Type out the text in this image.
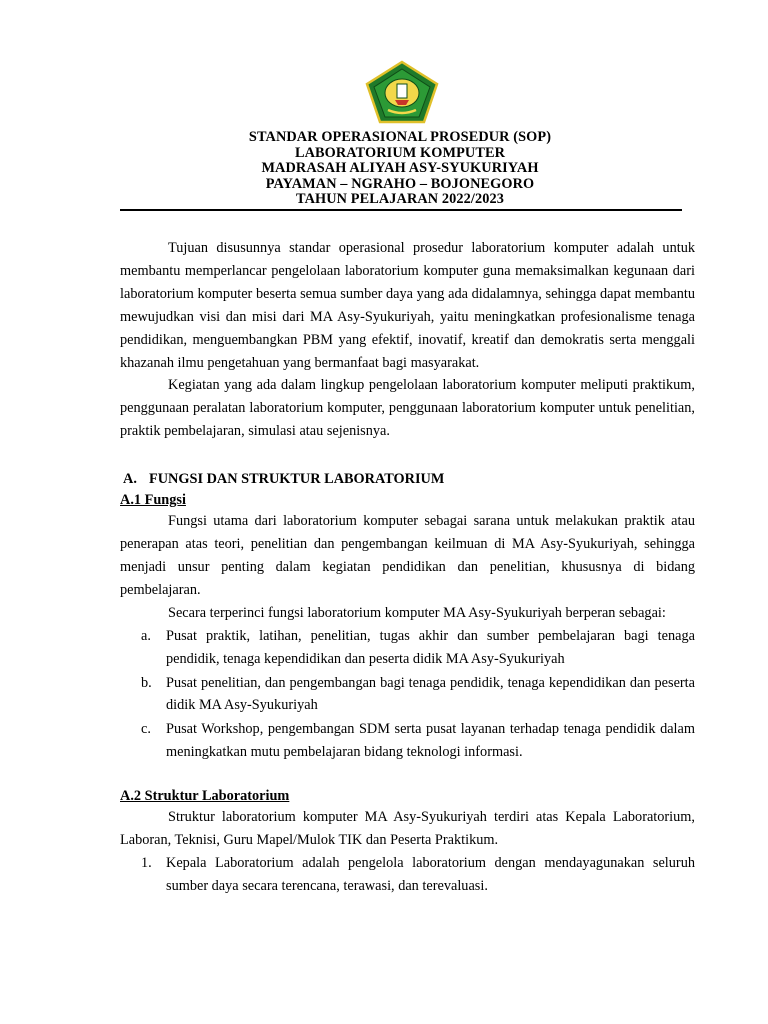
STANDAR OPERASIONAL PROSEDUR (SOP)
LABORATORIUM KOMPUTER
MADRASAH ALIYAH ASY-SYUKURIYAH
PAYAMAN – NGRAHO – BOJONEGORO
TAHUN PELAJARAN 2022/2023

Tujuan disusunnya standar operasional prosedur laboratorium komputer adalah untuk membantu memperlancar pengelolaan laboratorium komputer guna memaksimalkan kegunaan dari laboratorium komputer beserta semua sumber daya yang ada didalamnya, sehingga dapat membantu mewujudkan visi dan misi dari MA Asy-Syukuriyah, yaitu meningkatkan profesionalisme tenaga pendidikan, menguembangkan PBM yang efektif, inovatif, kreatif dan demokratis serta menggali khazanah ilmu pengetahuan yang bermanfaat bagi masyarakat.

Kegiatan yang ada dalam lingkup pengelolaan laboratorium komputer meliputi praktikum, penggunaan peralatan laboratorium komputer, penggunaan laboratorium komputer untuk penelitian, praktik pembelajaran, simulasi atau sejenisnya.

A. FUNGSI DAN STRUKTUR LABORATORIUM
A.1 Fungsi

Fungsi utama dari laboratorium komputer sebagai sarana untuk melakukan praktik atau penerapan atas teori, penelitian dan pengembangan keilmuan di MA Asy-Syukuriyah, sehingga menjadi unsur penting dalam kegiatan pendidikan dan penelitian, khususnya di bidang pembelajaran.

Secara terperinci fungsi laboratorium komputer MA Asy-Syukuriyah berperan sebagai:

a. Pusat praktik, latihan, penelitian, tugas akhir dan sumber pembelajaran bagi tenaga pendidik, tenaga kependidikan dan peserta didik MA Asy-Syukuriyah
b. Pusat penelitian, dan pengembangan bagi tenaga pendidik, tenaga kependidikan dan peserta didik MA Asy-Syukuriyah
c. Pusat Workshop, pengembangan SDM serta pusat layanan terhadap tenaga pendidik dalam meningkatkan mutu pembelajaran bidang teknologi informasi.
A.2 Struktur Laboratorium

Struktur laboratorium komputer MA Asy-Syukuriyah terdiri atas Kepala Laboratorium, Laboran, Teknisi, Guru Mapel/Mulok TIK dan Peserta Praktikum.

1. Kepala Laboratorium adalah pengelola laboratorium dengan mendayagunakan seluruh sumber daya secara terencana, terawasi, dan terevaluasi.
